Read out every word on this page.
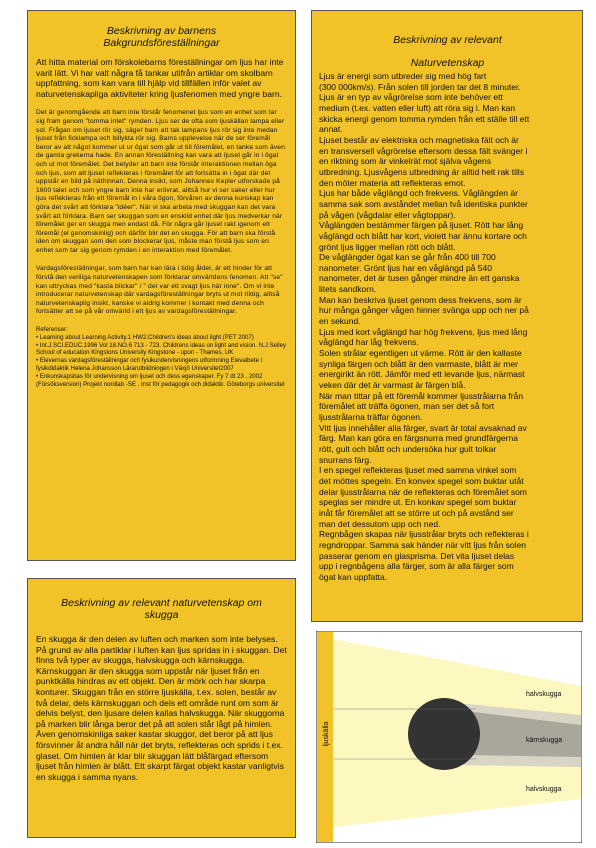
Beskrivning av barnens Bakgrundsföreställningar

Att hitta material om förskolebarns föreställningar om ljus har inte varit lätt. Vi har valt några få tankar utifrån artiklar om skolbarn uppfattning, som kan vara till hjälp vid tillfällen inför valet av naturvetenskapliga aktiviteter kring ljusfenomen med yngre barn.

Det är genomgående att barn inte förstår fenomenet ljus som en enhet som tar sig fram genom "tomma intet" rymden. Ljus ser de ofta som ljuskällan lampa eller sol. Frågan om ljuset rör sig, säger barn att tak lampans ljus rör sig inte medan ljuset från ficklampa och billykta rör sig. Barns upplevelse när de ser föremål beror av att något kommer ut ur ögat som går ut till föremålet, en tanke som även de gamla grekerna hade. En annan föreställning kan vara att ljuset går in i ögat och ut mot föremålet. Det betyder att barn inte förstår interaktionen mellan öga och ljus, som att ljuset reflekteras i föremålet för att fortsätta in i ögat där det uppstår en bild på näthinnan. Denna insikt, som Johannes Kepler utforskade på 1600 talet och som yngre barn inte har erövrat, alltså hur vi ser saker eller hur ljus reflekteras från ett föremål in i våra ögon, förvåren av denna kunskap kan göra det svårt att förklara "idéer". När vi ska arbeta med skuggan kan det vara svårt att förklara. Barn ser skuggan som en enskild enhet där ljus medverkar när föremålet ger en skugga men endast då. För några går ljuset rakt igenom ett föremål (el genomskinlig) och därför blir det en skugga. För att barn ska förstå iden om skuggan som den som blockerar ljus, måste man förstå ljus som en enhet som tar sig genom rymden i en interaktion med föremålet.

Vardagsföreställningar, som barn har kan lära i tidig ålder, är ett hinder för att förstå den veriliga naturvetenskapen som förklarar omvärldens fenomen. Att "se" kan uttryckas med "kasta blickar" / " det var ett svagt ljus här inne". Om vi inte introducerar naturvetenskap där vardagsföreställningar bryts ut mot riktig, alltså naturvetenskaplig insikt, kanske vi aldrig kommer i kontakt med denna och fortsätter att se på vår omvärld i ett ljus av vardagsföreställningar.

Referenser:
• Learning about Learning Activity.1 HW2:Children's ideas about light (PET 2007)
• Int.J.SCI.EDUC.1996 Vol 18.NO.6 713 - 723. Childrens ideas on light and vision. N.J.Selley School of education Kingstons University Kingstone - upon - Thames, UK
• Elevernas vardagsföreställningar och fysikundervisningens utformning Elevaibete i fysikdidaktik Helena Johansson Lärarutbildningen i Växjö Universitet2007
• Enkunskapsbas för undervisning om ljuset och dess egenskaper. Fy 7 dt 23 . 2002 (Försöksversion) Projekt nordlab -SE . Inst för pedagogik och didaktik. Göteborgs universitet
Beskrivning av relevant naturvetenskap om skugga

En skugga är den delen av luften och marken som inte belyses. På grund av alla partiklar i luften kan ljus spridas in i skuggan. Det finns två typer av skugga, halvskugga och kärnskugga. Kärnskuggan är den skugga som uppstår när ljuset från en punktkälla hindras av ett objekt. Den är mörk och har skarpa konturer. Skuggan från en större ljuskälla, t.ex. solen, består av två delar, dels kärnskuggan och dels ett område runt om som är delvis belyst, den ljusare delen kallas halvskugga. När skuggorna på marken blir långa beror det på att solen står lågt på himlen. Även genomskinliga saker kastar skuggor, det beror på att ljus försvinner åt andra håll när det bryts, reflekteras och sprids i t.ex. glaset. Om himlen är klar blir skuggan lätt blåfärgad eftersom ljuset från himlen är blått. Ett skarpt färgat objekt kastar vanligtvis en skugga i samma nyans.

Beskrivning av relevant
Naturvetenskap
Ljus är energi som utbreder sig med hög fart
(300 000km/s). Från solen till jorden tar det 8 minuter.
Ljus är en typ av vågrörelse som inte behöver ett
medium (t.ex. vatten eller luft) att röra sig i. Man kan
skicka energi genom tomma rymden från ett ställe till ett
annat.
Ljuset består av elektriska och magnetiska fält och är
en transversell vågrörelse eftersom dessa fält svänger i
en riktning som är vinkelrät mot själva vågens
utbredning. Ljusvågens utbredning är alltid helt rak tills
den möter materia att reflekteras emot.
Ljus har både våglängd och frekvens. Våglängden är
samma sak som avståndet mellan två identiska punkter
på vågen (vågdalar eller vågtoppar).
Våglängden bestämmer färgen på ljuset. Rött har lång
våglängd och blått har kort, violett har ännu kortare och
grönt ljus ligger mellan rött och blått.
De våglängder ögat kan se går från 400 till 700
nanometer. Grönt ljus har en våglängd på 540
nanometer, det är tusen gånger mindre än ett ganska
litets sandkorn.
Man kan beskriva ljuset genom dess frekvens, som är
hur många gånger vågen hinner svänga upp och ner på
en sekund.
Ljus med kort våglängd har hög frekvens, ljus med lång
våglängd har låg frekvens.
Solen strålar egentligen ut värme. Rött är den kallaste
synliga färgen och blått är den varmaste, blått är mer
energirikt än rött. Jämför med ett levande ljus, närmast
veken där det är varmast är färgen blå.
När man tittar på ett föremål kommer ljusstrålarna från
föremålet att träffa ögonen, man ser det så fort
ljusstrålarna träffar ögonen.
Vitt ljus innehåller alla färger, svart är total avsaknad av
färg. Man kan göra en färgsnurra med grundfärgerna
rött, gult och blått och undersöka hur gult tolkar
snurrans färg.
I en spegel reflekteras ljuset med samma vinkel som
det möttes spegeln. En konvex spegel som buktar utåt
delar ljusstrålarna när de reflekteras och föremålet som
speglas ser mindre ut. En konkav spegel som buktar
inåt får föremålet att se större ut och på avstånd ser
man det dessutom upp och ned.
Regnbågen skapas när ljusstrålar bryts och reflekteras i
regndroppar. Samma sak händer när vitt ljus från solen
passerar genom en glasprisma. Det vita ljuset delas
upp i regnbågens alla färger, som är alla färger som
ögat kan uppfatta.
ljuskälla
halvskugga
kärnskugga
halvskugga
